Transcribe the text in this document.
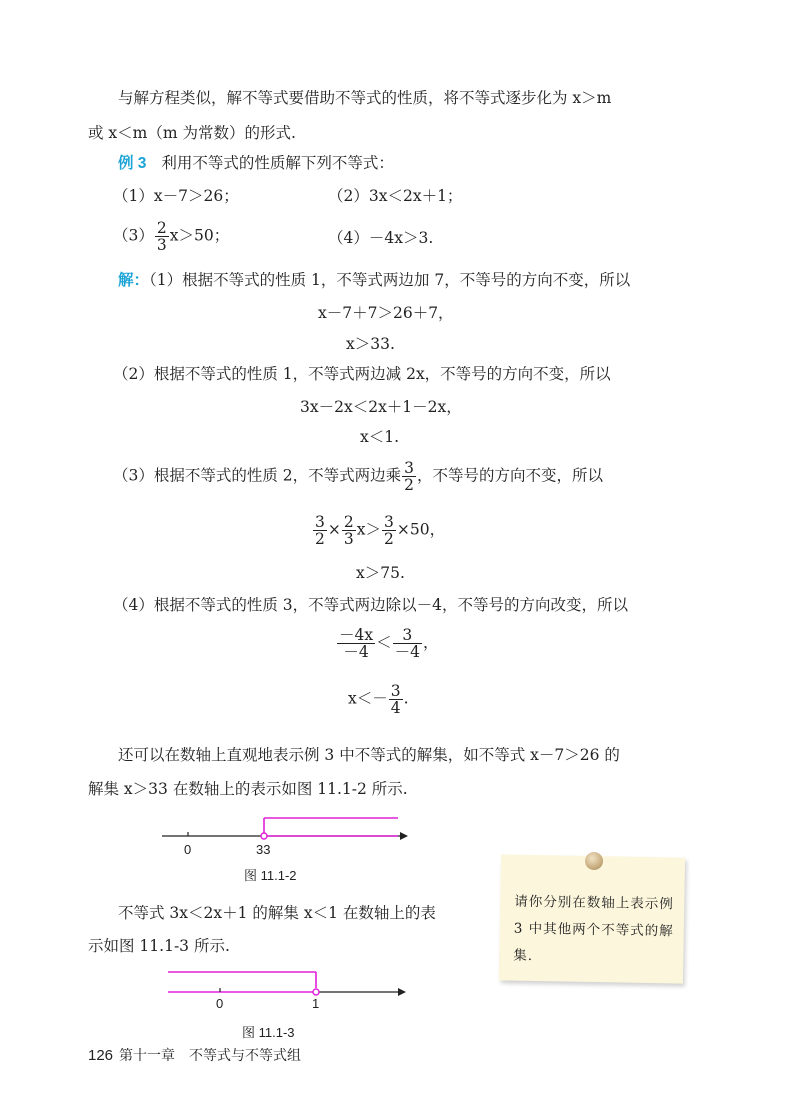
与解方程类似，解不等式要借助不等式的性质，将不等式逐步化为 x＞m
或 x＜m（m 为常数）的形式.
例 3 利用不等式的性质解下列不等式：
（1）x－7＞26；	（2）3x＜2x＋1；
$(3) \frac{2}{3} x>50$；	（4）－4x＞3.
解：（1）根据不等式的性质 1，不等式两边加 7，不等号的方向不变，所以
x－7＋7＞26＋7，
x＞33.
（2）根据不等式的性质 1，不等式两边减 2x，不等号的方向不变，所以
3x－2x＜2x＋1－2x，
x＜1.
（3）根据不等式的性质 2，不等式两边乘 $\frac{3}{2}$ ，不等号的方向不变，所以
$\frac{3}{2} \times \frac{2}{3} x> \frac{3}{2} \times 50$，
x＞75.
（4）根据不等式的性质 3，不等式两边除以－4，不等号的方向改变，所以
$\frac{-4x}{-4} < \frac{3}{-4}$ ，
$x<- \frac{3}{4}$ .
还可以在数轴上直观地表示例 3 中不等式的解集，如不等式 x－7＞26 的
解集 x＞33 在数轴上的表示如图 11.1-2 所示.
0	33
图 11.1-2
不等式 3x＜2x＋1 的解集 x＜1 在数轴上的表
示如图 11.1-3 所示.
0	1
图 11.1-3
请你分别在数轴上表示例 3 中其他两个不等式的解集.
126 第十一章　不等式与不等式组
